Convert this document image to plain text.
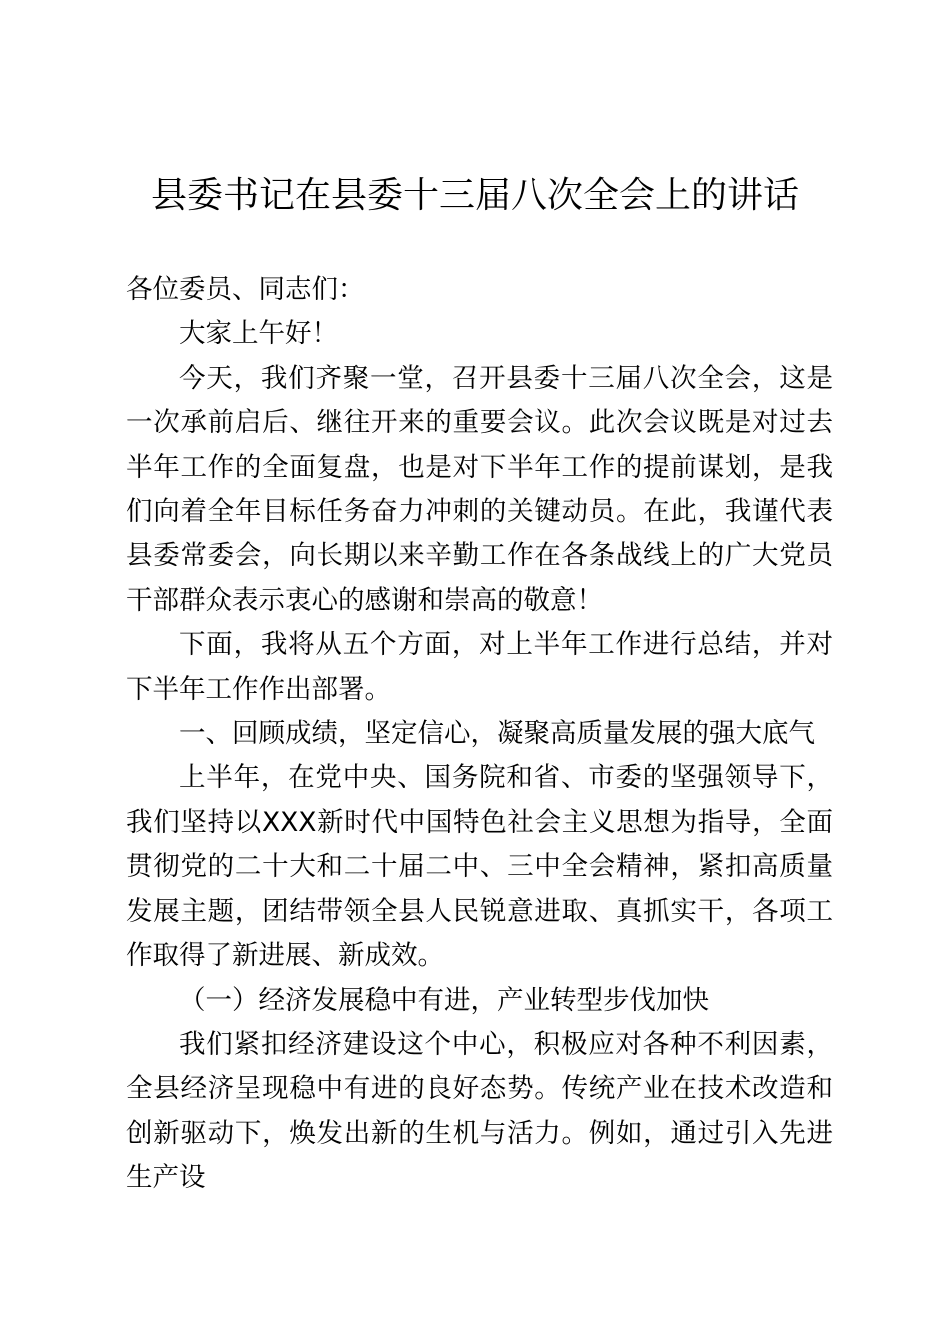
县委书记在县委十三届八次全会上的讲话

各位委员、同志们：

大家上午好！

今天，我们齐聚一堂，召开县委十三届八次全会，这是一次承前启后、继往开来的重要会议。此次会议既是对过去半年工作的全面复盘，也是对下半年工作的提前谋划，是我们向着全年目标任务奋力冲刺的关键动员。在此，我谨代表县委常委会，向长期以来辛勤工作在各条战线上的广大党员干部群众表示衷心的感谢和崇高的敬意！

下面，我将从五个方面，对上半年工作进行总结，并对下半年工作作出部署。

一、回顾成绩，坚定信心，凝聚高质量发展的强大底气

上半年，在党中央、国务院和省、市委的坚强领导下，我们坚持以XXX新时代中国特色社会主义思想为指导，全面贯彻党的二十大和二十届二中、三中全会精神，紧扣高质量发展主题，团结带领全县人民锐意进取、真抓实干，各项工作取得了新进展、新成效。

（一）经济发展稳中有进，产业转型步伐加快

我们紧扣经济建设这个中心，积极应对各种不利因素，全县经济呈现稳中有进的良好态势。传统产业在技术改造和创新驱动下，焕发出新的生机与活力。例如，通过引入先进生产设
